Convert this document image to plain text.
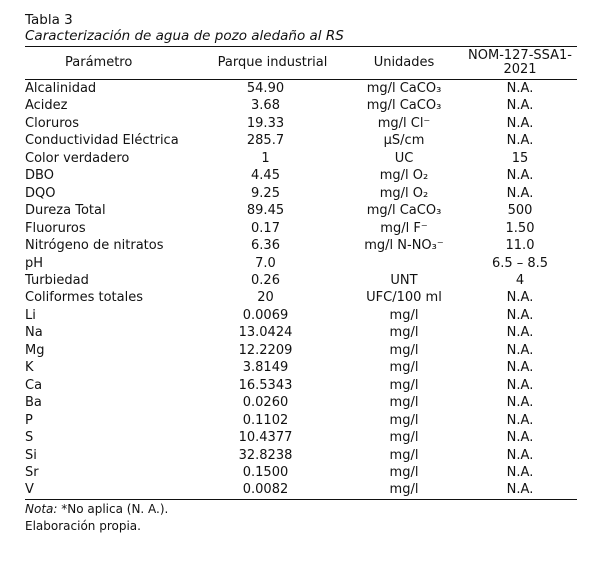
Tabla 3
Caracterización de agua de pozo aledaño al RS
Parámetro	Parque industrial	Unidades	NOM-127-SSA1-2021
Alcalinidad	54.90	mg/l CaCO₃	N.A.
Acidez	3.68	mg/l CaCO₃	N.A.
Cloruros	19.33	mg/l Cl⁻	N.A.
Conductividad Eléctrica	285.7	µS/cm	N.A.
Color verdadero	1	UC	15
DBO	4.45	mg/l O₂	N.A.
DQO	9.25	mg/l O₂	N.A.
Dureza Total	89.45	mg/l CaCO₃	500
Fluoruros	0.17	mg/l F⁻	1.50
Nitrógeno de nitratos	6.36	mg/l N-NO₃⁻	11.0
pH	7.0		6.5 – 8.5
Turbiedad	0.26	UNT	4
Coliformes totales	20	UFC/100 ml	N.A.
Li	0.0069	mg/l	N.A.
Na	13.0424	mg/l	N.A.
Mg	12.2209	mg/l	N.A.
K	3.8149	mg/l	N.A.
Ca	16.5343	mg/l	N.A.
Ba	0.0260	mg/l	N.A.
P	0.1102	mg/l	N.A.
S	10.4377	mg/l	N.A.
Si	32.8238	mg/l	N.A.
Sr	0.1500	mg/l	N.A.
V	0.0082	mg/l	N.A.
Nota: *No aplica (N. A.).
Elaboración propia.
